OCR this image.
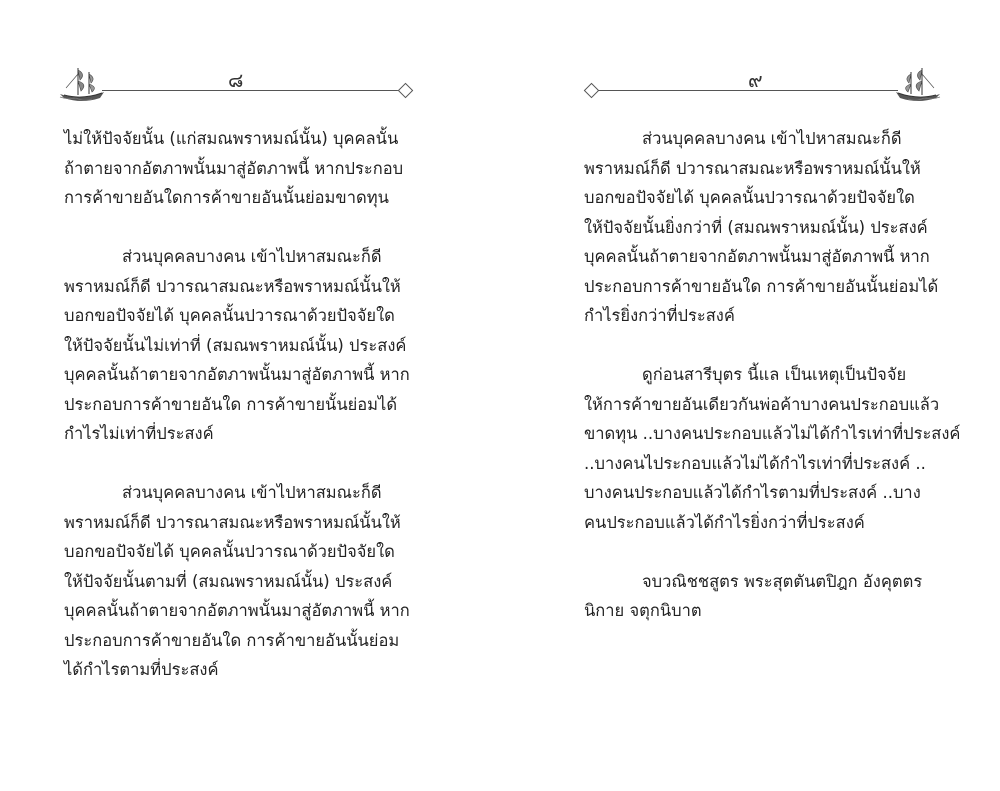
๘

ไม่ให้ปัจจัยนั้น (แก่สมณพราหมณ์นั้น) บุคคลนั้น
ถ้าตายจากอัตภาพนั้นมาสู่อัตภาพนี้ หากประกอบ
การค้าขายอันใดการค้าขายอันนั้นย่อมขาดทุน

ส่วนบุคคลบางคน เข้าไปหาสมณะก็ดี
พราหมณ์ก็ดี ปวารณาสมณะหรือพราหมณ์นั้นให้
บอกขอปัจจัยได้ บุคคลนั้นปวารณาด้วยปัจจัยใด
ให้ปัจจัยนั้นไม่เท่าที่ (สมณพราหมณ์นั้น) ประสงค์
บุคคลนั้นถ้าตายจากอัตภาพนั้นมาสู่อัตภาพนี้ หาก
ประกอบการค้าขายอันใด การค้าขายนั้นย่อมได้
กำไรไม่เท่าที่ประสงค์

ส่วนบุคคลบางคน เข้าไปหาสมณะก็ดี
พราหมณ์ก็ดี ปวารณาสมณะหรือพราหมณ์นั้นให้
บอกขอปัจจัยได้ บุคคลนั้นปวารณาด้วยปัจจัยใด
ให้ปัจจัยนั้นตามที่ (สมณพราหมณ์นั้น) ประสงค์
บุคคลนั้นถ้าตายจากอัตภาพนั้นมาสู่อัตภาพนี้ หาก
ประกอบการค้าขายอันใด การค้าขายอันนั้นย่อม
ได้กำไรตามที่ประสงค์

๙

ส่วนบุคคลบางคน เข้าไปหาสมณะก็ดี
พราหมณ์ก็ดี ปวารณาสมณะหรือพราหมณ์นั้นให้
บอกขอปัจจัยได้ บุคคลนั้นปวารณาด้วยปัจจัยใด
ให้ปัจจัยนั้นยิ่งกว่าที่ (สมณพราหมณ์นั้น) ประสงค์
บุคคลนั้นถ้าตายจากอัตภาพนั้นมาสู่อัตภาพนี้ หาก
ประกอบการค้าขายอันใด การค้าขายอันนั้นย่อมได้
กำไรยิ่งกว่าที่ประสงค์

ดูก่อนสารีบุตร นี้แล เป็นเหตุเป็นปัจจัย
ให้การค้าขายอันเดียวกันพ่อค้าบางคนประกอบแล้ว
ขาดทุน ..บางคนประกอบแล้วไม่ได้กำไรเท่าที่ประสงค์
..บางคนไประกอบแล้วไม่ได้กำไรเท่าที่ประสงค์ ..
บางคนประกอบแล้วได้กำไรตามที่ประสงค์ ..บาง
คนประกอบแล้วได้กำไรยิ่งกว่าที่ประสงค์

จบวณิชชสูตร พระสุตตันตปิฎก อังคุตตร
นิกาย จตุกนิบาต
